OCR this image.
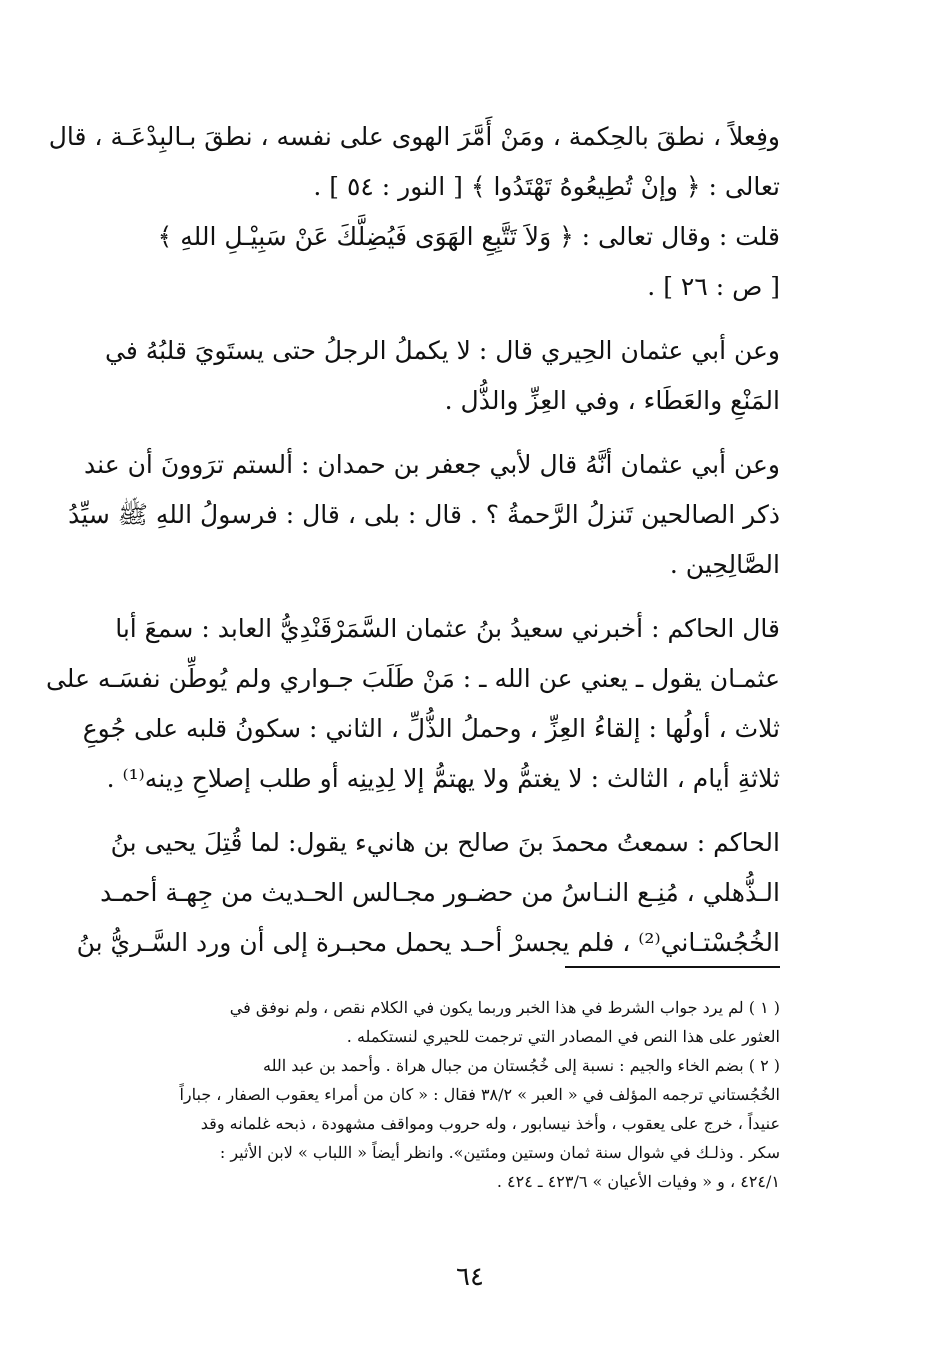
وفِعلاً ، نطقَ بالحِكمة ، ومَنْ أَمَّرَ الهوى على نفسه ، نطقَ بـالبِدْعَـة ، قال
تعالى : ﴿ وإنْ تُطِيعُوهُ تَهْتَدُوا ﴾ [ النور : ٥٤ ] .

قلت : وقال تعالى : ﴿ وَلاَ تَتَّبِعِ الهَوَى فَيُضِلَّكَ عَنْ سَبِيْـلِ اللهِ ﴾
[ ص : ٢٦ ] .

وعن أبي عثمان الحِيري قال : لا يكملُ الرجلُ حتى يستَويَ قلبُهُ في
المَنْعِ والعَطَاء ، وفي العِزِّ والذُّل .

وعن أبي عثمان أنَّهُ قال لأبي جعفر بن حمدان : ألستم ترَوونَ أن عند
ذكر الصالحين تَنزلُ الرَّحمةُ ؟ . قال : بلى ، قال : فرسولُ اللهِ ﷺ سيِّدُ
الصَّالِحِين .

قال الحاكم : أخبرني سعيدُ بنُ عثمان السَّمَرْقَنْدِيُّ العابد : سمعَ أبا
عثمـان يقول ـ يعني عن الله ـ : مَنْ طَلَبَ جـواري ولم يُوطِّن نفسَـه على
ثلاث ، أولُها : إلقاءُ العِزِّ ، وحملُ الذُّلِّ ، الثاني : سكونُ قلبه على جُوعِ
ثلاثةِ أيام ، الثالث : لا يغتمُّ ولا يهتمُّ إلا لِدِينِه أو طلب إصلاحِ دِينه⁽¹⁾ .

الحاكم : سمعتُ محمدَ بنَ صالح بن هانيء يقول: لما قُتِلَ يحيى بنُ
الـذُّهلي ، مُنِـع النـاسُ من حضـور مجـالس الحـديث من جِهـة أحمـد
الخُجُسْتـاني⁽²⁾ ، فلم يجسرْ أحـد يحمل محبـرة إلى أن ورد السَّـريُّ بنُ

( ١ ) لم يرد جواب الشرط في هذا الخبر وربما يكون في الكلام نقص ، ولم نوفق في
العثور على هذا النص في المصادر التي ترجمت للحيري لنستكمله .

( ٢ ) بضم الخاء والجيم : نسبة إلى خُجُستان من جبال هراة . وأحمد بن عبد الله
الخُجُستاني ترجمه المؤلف في « العبر » ٣٨/٢ فقال : « كان من أمراء يعقوب الصفار ، جباراً
عنيداً ، خرج على يعقوب ، وأخذ نيسابور ، وله حروب ومواقف مشهودة ، ذبحه غلمانه وقد
سكر . وذلـك في شوال سنة ثمان وستين ومئتين». وانظر أيضاً « اللباب » لابن الأثير :
٤٢٤/١ ، و « وفيات الأعيان » ٤٢٣/٦ ـ ٤٢٤ .

٦٤
